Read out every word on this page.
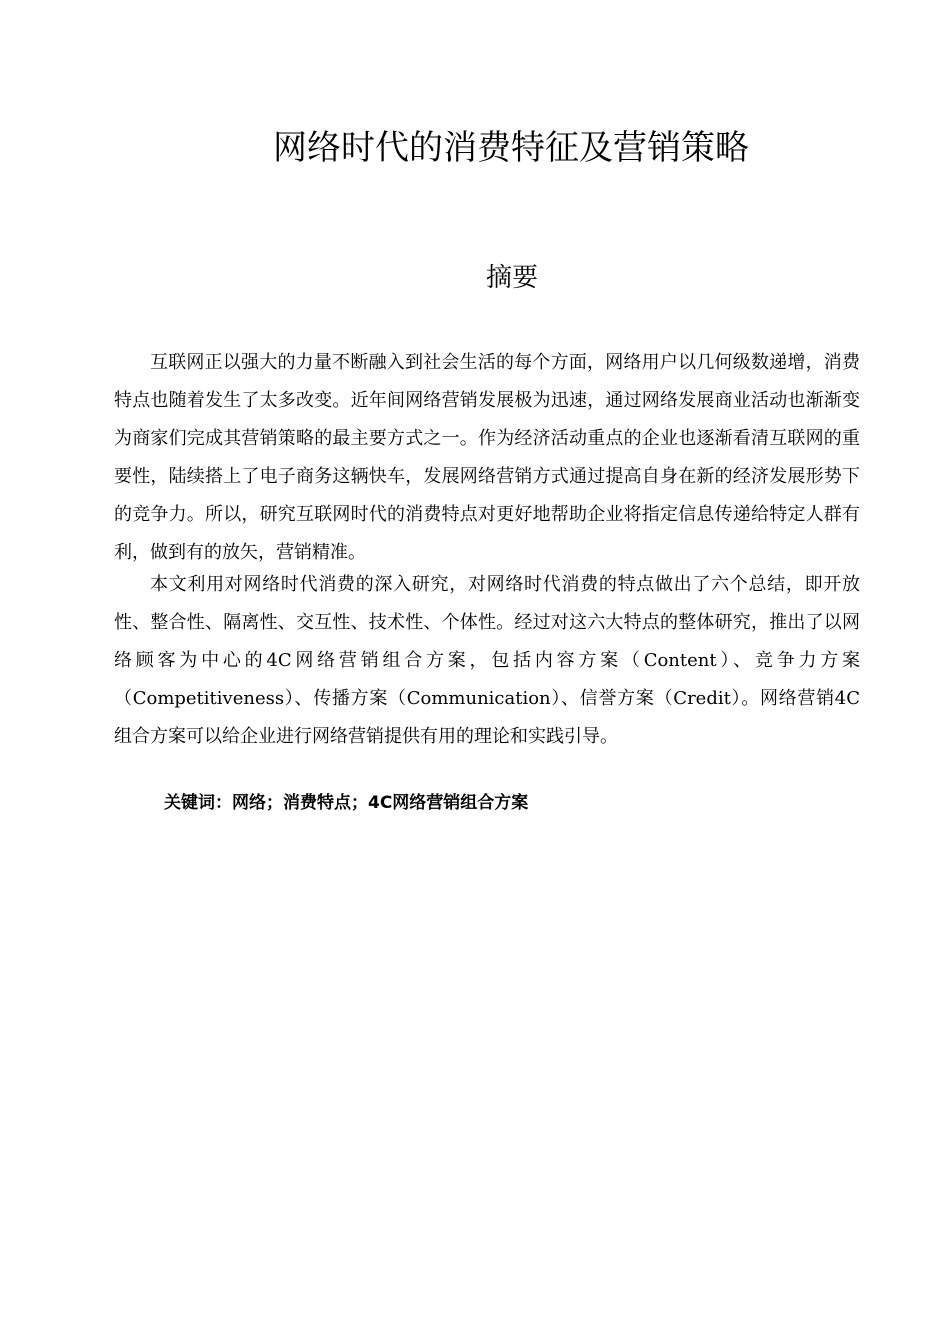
网络时代的消费特征及营销策略
摘要

互联网正以强大的力量不断融入到社会生活的每个方面，网络用户以几何级数递增，消费特点也随着发生了太多改变。近年间网络营销发展极为迅速，通过网络发展商业活动也渐渐变为商家们完成其营销策略的最主要方式之一。作为经济活动重点的企业也逐渐看清互联网的重要性，陆续搭上了电子商务这辆快车，发展网络营销方式通过提高自身在新的经济发展形势下的竞争力。所以，研究互联网时代的消费特点对更好地帮助企业将指定信息传递给特定人群有利，做到有的放矢，营销精准。

本文利用对网络时代消费的深入研究，对网络时代消费的特点做出了六个总结，即开放性、整合性、隔离性、交互性、技术性、个体性。经过对这六大特点的整体研究，推出了以网络顾客为中心的4C网络营销组合方案，包括内容方案（Content）、竞争力方案（Competitiveness）、传播方案（Communication）、信誉方案（Credit）。网络营销4C组合方案可以给企业进行网络营销提供有用的理论和实践引导。

关键词：网络；消费特点；4C网络营销组合方案
